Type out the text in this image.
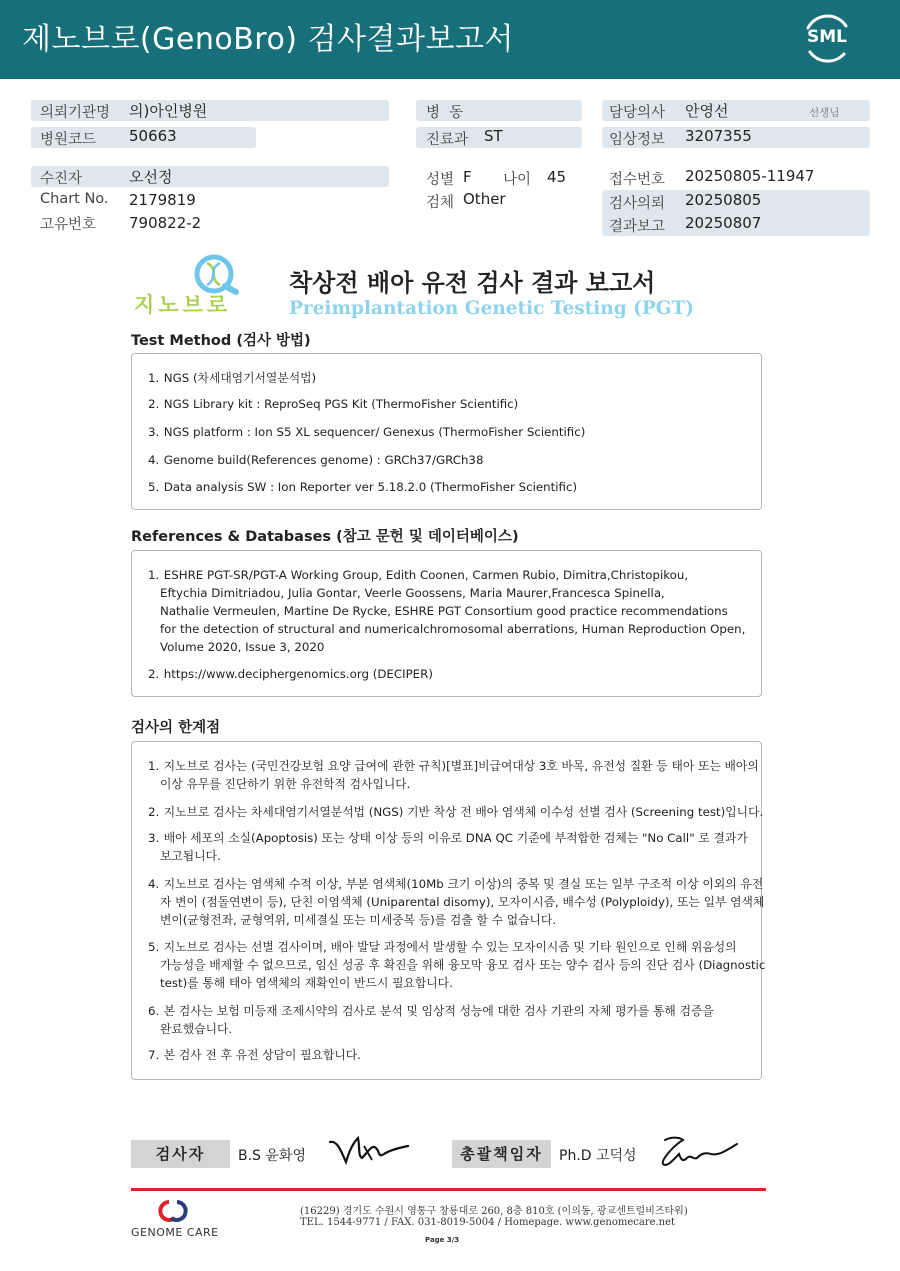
제노브로(GenoBro) 검사결과보고서	SML
의뢰기관명 의)아인병원	병  동	담당의사 안영선	선생님
병원코드 50663	진료과 ST	임상정보 3207355
수진자	오선정	성별 F 나이 45	접수번호 20250805-11947
Chart No. 2179819	검체 Other	검사의뢰 20250805
고유번호 790822-2	결과보고 20250807
지노브로
착상전 배아 유전 검사 결과 보고서
Preimplantation Genetic Testing (PGT)
Test Method (검사 방법)
1. NGS (차세대염기서열분석법)
2. NGS Library kit : ReproSeq PGS Kit (ThermoFisher Scientific)
3. NGS platform : Ion S5 XL sequencer/ Genexus (ThermoFisher Scientific)
4. Genome build(References genome) : GRCh37/GRCh38
5. Data analysis SW : Ion Reporter ver 5.18.2.0 (ThermoFisher Scientific)
References & Databases (참고 문헌 및 데이터베이스)
1. ESHRE PGT-SR/PGT-A Working Group, Edith Coonen, Carmen Rubio, Dimitra,Christopikou,
Eftychia Dimitriadou, Julia Gontar, Veerle Goossens, Maria Maurer,Francesca Spinella,
Nathalie Vermeulen, Martine De Rycke, ESHRE PGT Consortium good practice recommendations
for the detection of structural and numericalchromosomal aberrations, Human Reproduction Open,
Volume 2020, Issue 3, 2020
2. https://www.deciphergenomics.org (DECIPER)
검사의 한계점
1. 지노브로 검사는 (국민건강보험 요양 급여에 관한 규칙)[별표]비급여대상 3호 바목, 유전성 질환 등 태아 또는 배아의
이상 유무를 진단하기 위한 유전학적 검사입니다.
2. 지노브로 검사는 차세대염기서열분석법 (NGS) 기반 착상 전 배아 염색체 이수성 선별 검사 (Screening test)입니다.
3. 배아 세포의 소실(Apoptosis) 또는 상태 이상 등의 이유로 DNA QC 기준에 부적합한 검체는 "No Call" 로 결과가
보고됩니다.
4. 지노브로 검사는 염색체 수적 이상, 부분 염색체(10Mb 크기 이상)의 중복 및 결실 또는 일부 구조적 이상 이외의 유전
자 변이 (점돌연변이 등), 단친 이염색체 (Uniparental disomy), 모자이시즘, 배수성 (Polyploidy), 또는 일부 염색체
변이(균형전좌, 균형역위, 미세결실 또는 미세중복 등)를 검출 할 수 없습니다.
5. 지노브로 검사는 선별 검사이며, 배아 발달 과정에서 발생할 수 있는 모자이시즘 및 기타 원인으로 인해 위음성의
가능성을 배제할 수 없으므로, 임신 성공 후 확진을 위해 융모막 융모 검사 또는 양수 검사 등의 진단 검사 (Diagnostic
test)를 통해 태아 염색체의 재확인이 반드시 필요합니다.
6. 본 검사는 보험 미등재 조제시약의 검사로 분석 및 임상적 성능에 대한 검사 기관의 자체 평가를 통해 검증을
완료했습니다.
7. 본 검사 전 후 유전 상담이 필요합니다.
검사자	B.S 윤화영	총괄책임자	Ph.D 고덕성
GENOME CARE
(16229) 경기도 수원시 영통구 창룡대로 260, 8층 810호 (이의동, 광교센트럴비즈타워)
TEL. 1544-9771 / FAX. 031-8019-5004 / Homepage. www.genomecare.net
Page 3/3
